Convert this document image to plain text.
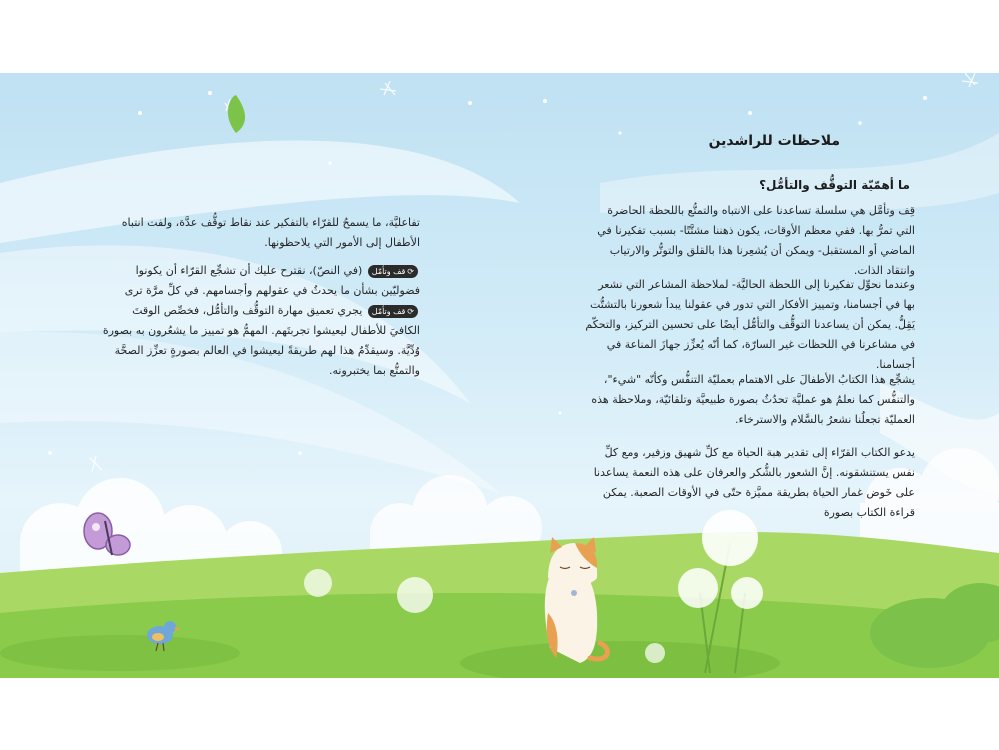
ملاحظات للراشدين
ما أهمّيّة التوقُّف والتأمُّل؟

قِف وتأمَّل هي سلسلة تساعدنا على الانتباه والتمتُّع باللحظة الحاضرة التي تمرُّ بها. ففي معظم الأوقات، يكون ذهننا مشتَّتًا- بسبب تفكيرنا في الماضي أو المستقبل- ويمكن أن يُشعِرنا هذا بالقلق والتوتُّر والارتياب وانتقاد الذات.

وعندما نحوِّل تفكيرنا إلى اللحظة الحاليَّة- لملاحظة المشاعر التي نشعر بها في أجسامنا، وتمييز الأفكار التي تدور في عقولنا يبدأ شعورنا بالتشتُّت يَقِلُّ. يمكن أن يساعدنا التوقُّف والتأمُّل أيضًا على تحسين التركيز، والتحكّم في مشاعرنا في اللحظات غير السارّة، كما أنّه يُعزِّز جهازَ المناعة في أجسامنا.

يشجِّع هذا الكتابُ الأطفالَ على الاهتمام بعمليّة التنفُّس وكأنّه "شيء"، والتنفُّس كما نعلمُ هو عمليَّة تحدُثُ بصورة طبيعيَّة وتلقائيّة، وملاحظة هذه العمليّة تجعلُنا نشعرُ بالسَّلام والاسترخاء.

يدعو الكتاب القرّاء إلى تقدير هبة الحياة مع كلِّ شهيق وزفير، ومع كلِّ نفس يستنشقونه. إنَّ الشعور بالشُّكر والعرفان على هذه النعمة يساعدنا على خَوض غمار الحياة بطريقة مميَّزة حتّى في الأوقات الصعبة. يمكن قراءة الكتاب بصورة

تفاعليَّة، ما يسمحُ للقرّاء بالتفكير عند نقاط توقُّف عدَّة، ولفت انتباه الأطفال إلى الأمور التي يلاحظونها.

⟳قف وتأمّل (في النصّ)، نقترح عليك أن تشجِّع القرّاء أن يكونوا فضوليّين بشأن ما يحدثُ في عقولهم وأجسامهم. في كلِّ مرَّة ترى ⟳قف وتأمّل يجري تعميق مهارة التوقُّف والتأمُّل، فخصِّص الوقتَ الكافيَ للأطفال ليعيشوا تجربتَهم. المهمُّ هو تمييز ما يشعُرون به بصورة وُدِّيَّة. وسيقدِّمُ هذا لهم طريقةً ليعيشوا في العالم بصورةٍ تعزِّز الصحَّة والتمتُّع بما يختبرونه.
